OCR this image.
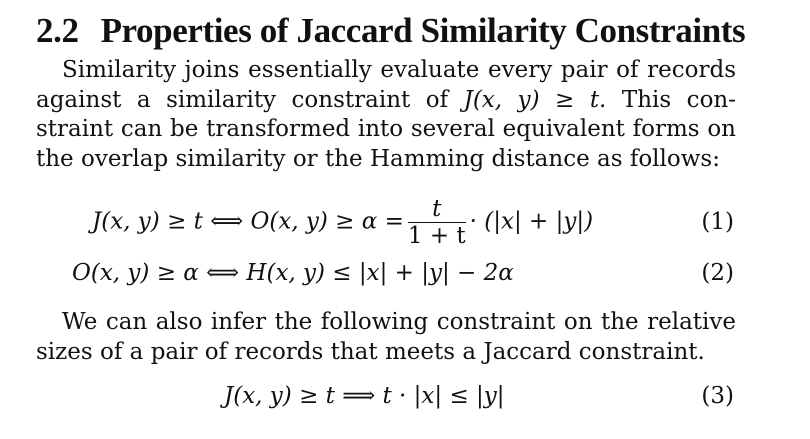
2.2 Properties of Jaccard Similarity Constraints
Similarity joins essentially evaluate every pair of records
against a similarity constraint of J(x, y) ≥ t. This con-
straint can be transformed into several equivalent forms on
the overlap similarity or the Hamming distance as follows:
J(x, y) ≥ t ⟺ O(x, $y) \ge \alpha = \frac{t}{1 + t} \cdot (|x| + |y|)$	(1)
O(x, y) ≥ α ⟺ H(x, y) ≤ |x| + |y| − 2α	(2)
We can also infer the following constraint on the relative
sizes of a pair of records that meets a Jaccard constraint.
J(x, y) ≥ t ⟹ t · |x| ≤ |y|	(3)
